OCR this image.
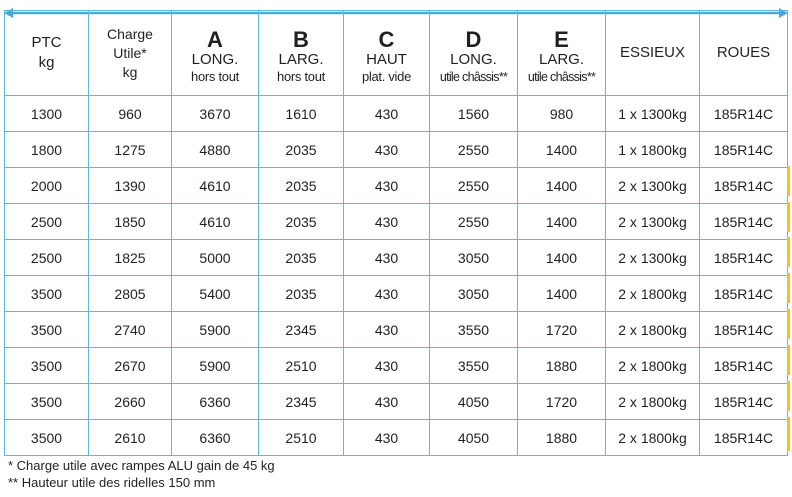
PTC
kg	Charge
Utile*
kg	A
LONG.
hors tout	B
LARG.
hors tout	C
HAUT
plat. vide	D
LONG.
utile châssis**	E
LARG.
utile châssis**	ESSIEUX	ROUES

1300	960	3670	1610	430	1560	980	1 x 1300kg	185R14C
1800	1275	4880	2035	430	2550	1400	1 x 1800kg	185R14C
2000	1390	4610	2035	430	2550	1400	2 x 1300kg	185R14C
2500	1850	4610	2035	430	2550	1400	2 x 1300kg	185R14C
2500	1825	5000	2035	430	3050	1400	2 x 1300kg	185R14C
3500	2805	5400	2035	430	3050	1400	2 x 1800kg	185R14C
3500	2740	5900	2345	430	3550	1720	2 x 1800kg	185R14C
3500	2670	5900	2510	430	3550	1880	2 x 1800kg	185R14C
3500	2660	6360	2345	430	4050	1720	2 x 1800kg	185R14C
3500	2610	6360	2510	430	4050	1880	2 x 1800kg	185R14C
* Charge utile avec rampes ALU gain de 45 kg
** Hauteur utile des ridelles 150 mm
